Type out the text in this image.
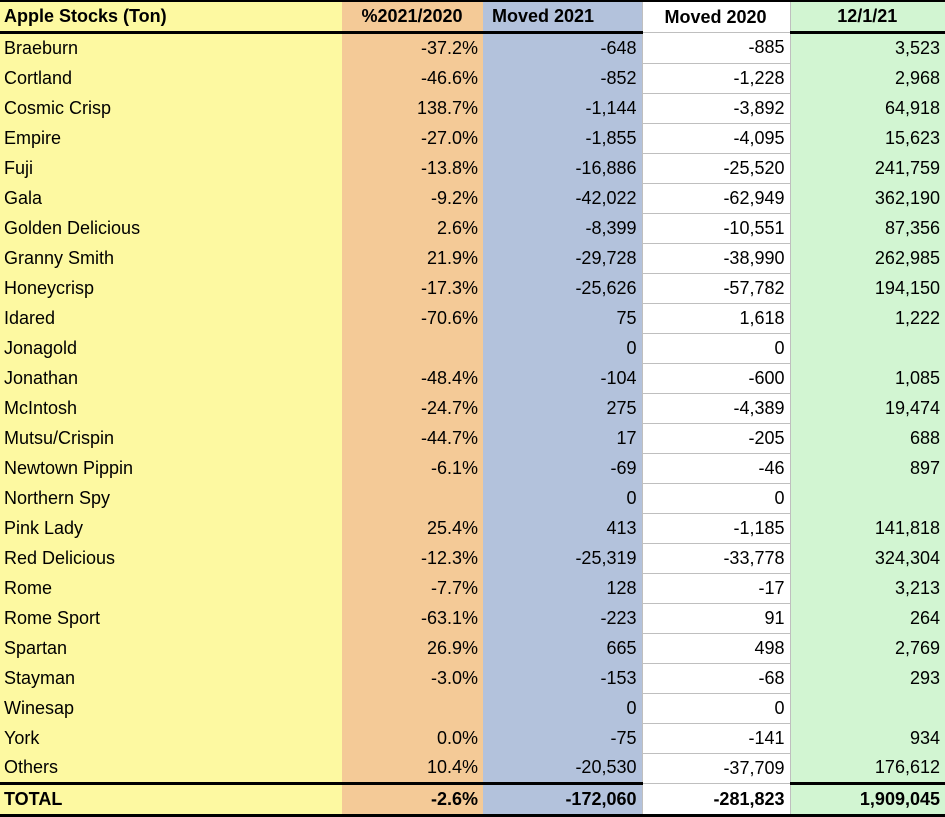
Apple Stocks (Ton)	%2021/2020	Moved 2021	Moved 2020	12/1/21
Braeburn	-37.2%	-648	-885	3,523
Cortland	-46.6%	-852	-1,228	2,968
Cosmic Crisp	138.7%	-1,144	-3,892	64,918
Empire	-27.0%	-1,855	-4,095	15,623
Fuji	-13.8%	-16,886	-25,520	241,759
Gala	-9.2%	-42,022	-62,949	362,190
Golden Delicious	2.6%	-8,399	-10,551	87,356
Granny Smith	21.9%	-29,728	-38,990	262,985
Honeycrisp	-17.3%	-25,626	-57,782	194,150
Idared	-70.6%	75	1,618	1,222
Jonagold		0	0	
Jonathan	-48.4%	-104	-600	1,085
McIntosh	-24.7%	275	-4,389	19,474
Mutsu/Crispin	-44.7%	17	-205	688
Newtown Pippin	-6.1%	-69	-46	897
Northern Spy		0	0	
Pink Lady	25.4%	413	-1,185	141,818
Red Delicious	-12.3%	-25,319	-33,778	324,304
Rome	-7.7%	128	-17	3,213
Rome Sport	-63.1%	-223	91	264
Spartan	26.9%	665	498	2,769
Stayman	-3.0%	-153	-68	293
Winesap		0	0	
York	0.0%	-75	-141	934
Others	10.4%	-20,530	-37,709	176,612
TOTAL	-2.6%	-172,060	-281,823	1,909,045
